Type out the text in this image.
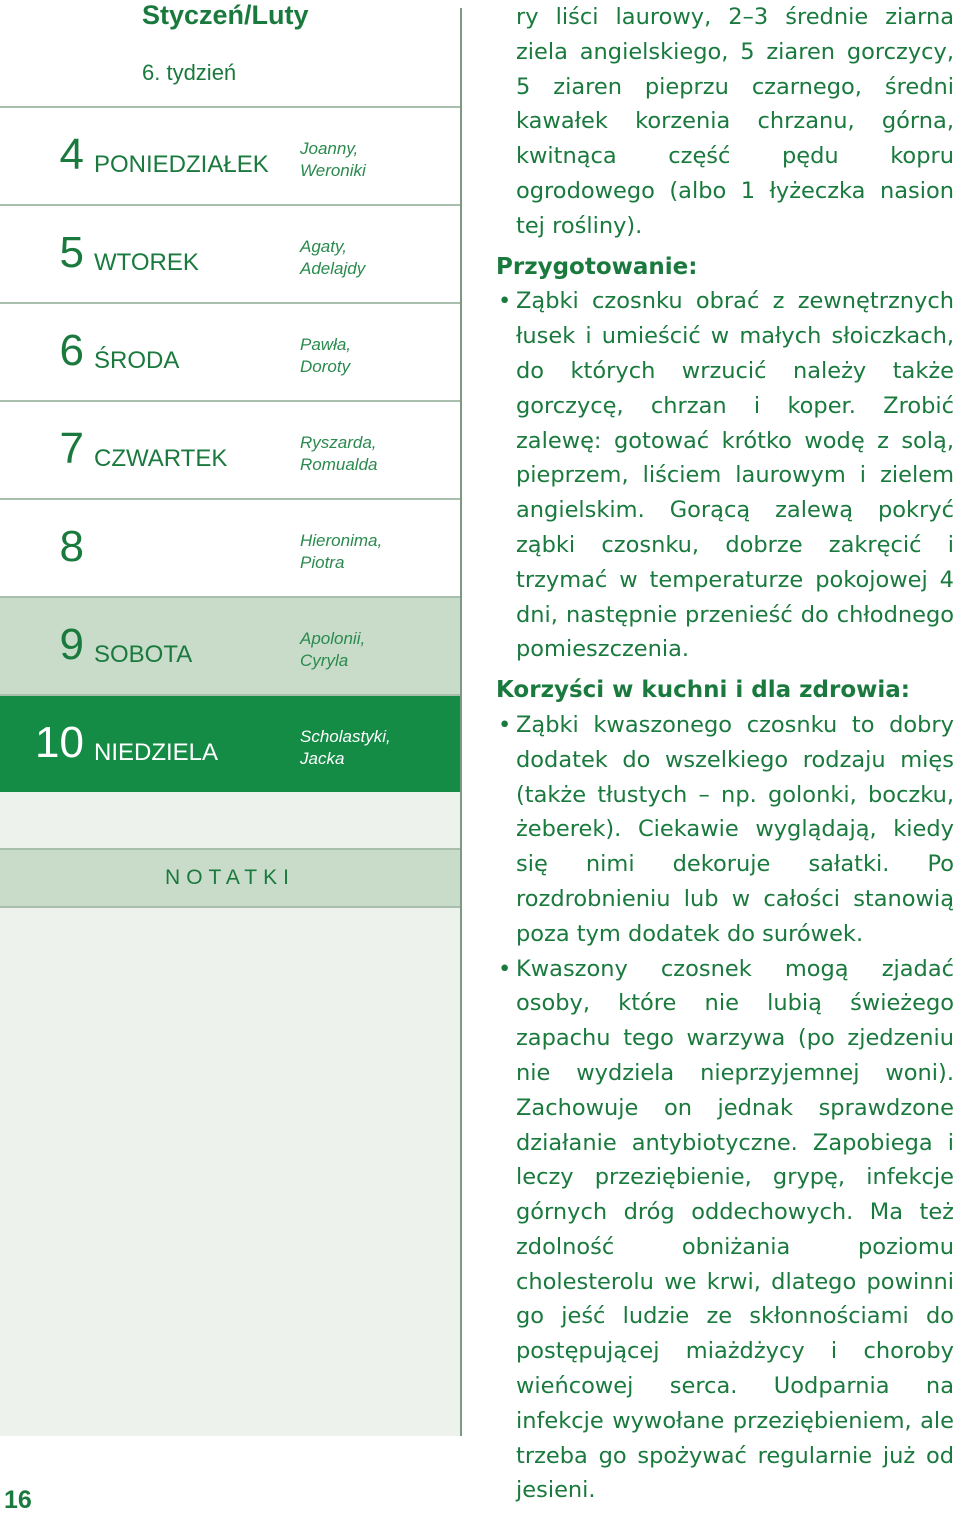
Styczeń/Luty
6. tydzień
4 PONIEDZIAŁEK
Joanny,
Weroniki
5 WTOREK
Agaty,
Adelajdy
6 ŚRODA
Pawła,
Doroty
7 CZWARTEK
Ryszarda,
Romualda
8	Hieronima,
Piotra
9 SOBOTA
Apolonii,
Cyryla
10 NIEDZIELA
Scholastyki,
Jacka
NOTATKI
16

ry liści laurowy, 2–3 średnie ziarna ziela angielskiego, 5 ziaren gorczycy, 5 ziaren pieprzu czarnego, średni kawałek korzenia chrzanu, górna, kwitnąca część pędu kopru ogrodowego (albo 1 łyżeczka nasion tej rośliny).

Przygotowanie:

• Ząbki czosnku obrać z zewnętrznych łusek i umieścić w małych słoiczkach, do których wrzucić należy także gorczycę, chrzan i koper. Zrobić zalewę: gotować krótko wodę z solą, pieprzem, liściem laurowym i zielem angielskim. Gorącą zalewą pokryć ząbki czosnku, dobrze zakręcić i trzymać w temperaturze pokojowej 4 dni, następnie przenieść do chłodnego pomieszczenia.

Korzyści w kuchni i dla zdrowia:

• Ząbki kwaszonego czosnku to dobry dodatek do wszelkiego rodzaju mięs (także tłustych – np. golonki, boczku, żeberek). Ciekawie wyglądają, kiedy się nimi dekoruje sałatki. Po rozdrobnieniu lub w całości stanowią poza tym dodatek do surówek.

• Kwaszony czosnek mogą zjadać osoby, które nie lubią świeżego zapachu tego warzywa (po zjedzeniu nie wydziela nieprzyjemnej woni). Zachowuje on jednak sprawdzone działanie antybiotyczne. Zapobiega i leczy przeziębienie, grypę, infekcje górnych dróg oddechowych. Ma też zdolność obniżania poziomu cholesterolu we krwi, dlatego powinni go jeść ludzie ze skłonnościami do postępującej miażdżycy i choroby wieńcowej serca. Uodparnia na infekcje wywołane przeziębieniem, ale trzeba go spożywać regularnie już od jesieni.
